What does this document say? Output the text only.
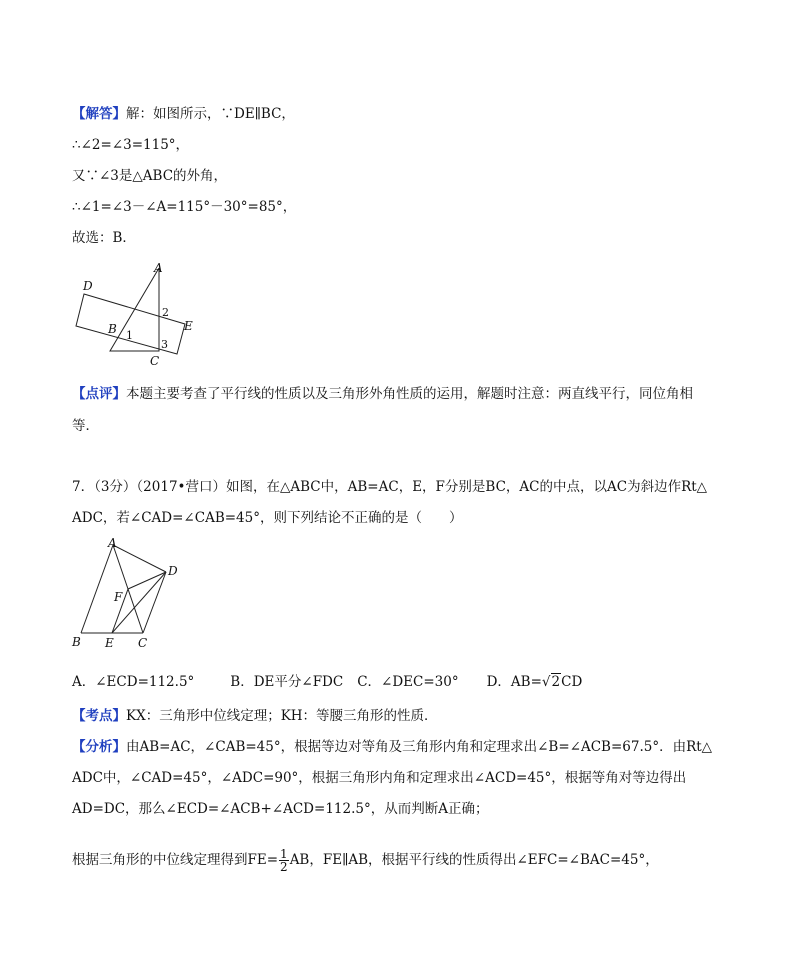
【解答】解：如图所示，∵DE∥BC，
∴∠2=∠3=115°，
又∵∠3是△ABC的外角，
∴∠1=∠3－∠A=115°－30°=85°，
故选：B．
A
D
E
B
C
1
2
3
【点评】本题主要考查了平行线的性质以及三角形外角性质的运用，解题时注意：两直线平行，同位角相
等．
7．（3分）（2017•营口）如图，在△ABC中，AB=AC，E，F分别是BC，AC的中点，以AC为斜边作Rt△
ADC，若∠CAD=∠CAB=45°，则下列结论不正确的是（　　）
A
D
F
B E C
A．∠ECD=112.5°	B．DE平分∠FDC C．∠DEC=30° D．AB=√2CD
【考点】KX：三角形中位线定理；KH：等腰三角形的性质．
【分析】由AB=AC，∠CAB=45°，根据等边对等角及三角形内角和定理求出∠B=∠ACB=67.5°．由Rt△
ADC中，∠CAD=45°，∠ADC=90°，根据三角形内角和定理求出∠ACD=45°，根据等角对等边得出
AD=DC，那么∠ECD=∠ACB+∠ACD=112.5°，从而判断A正确；
根据三角形的中位线定理得到$FE= \frac{1}{2}$ AB，FE∥AB，根据平行线的性质得出∠EFC=∠BAC=45°，
